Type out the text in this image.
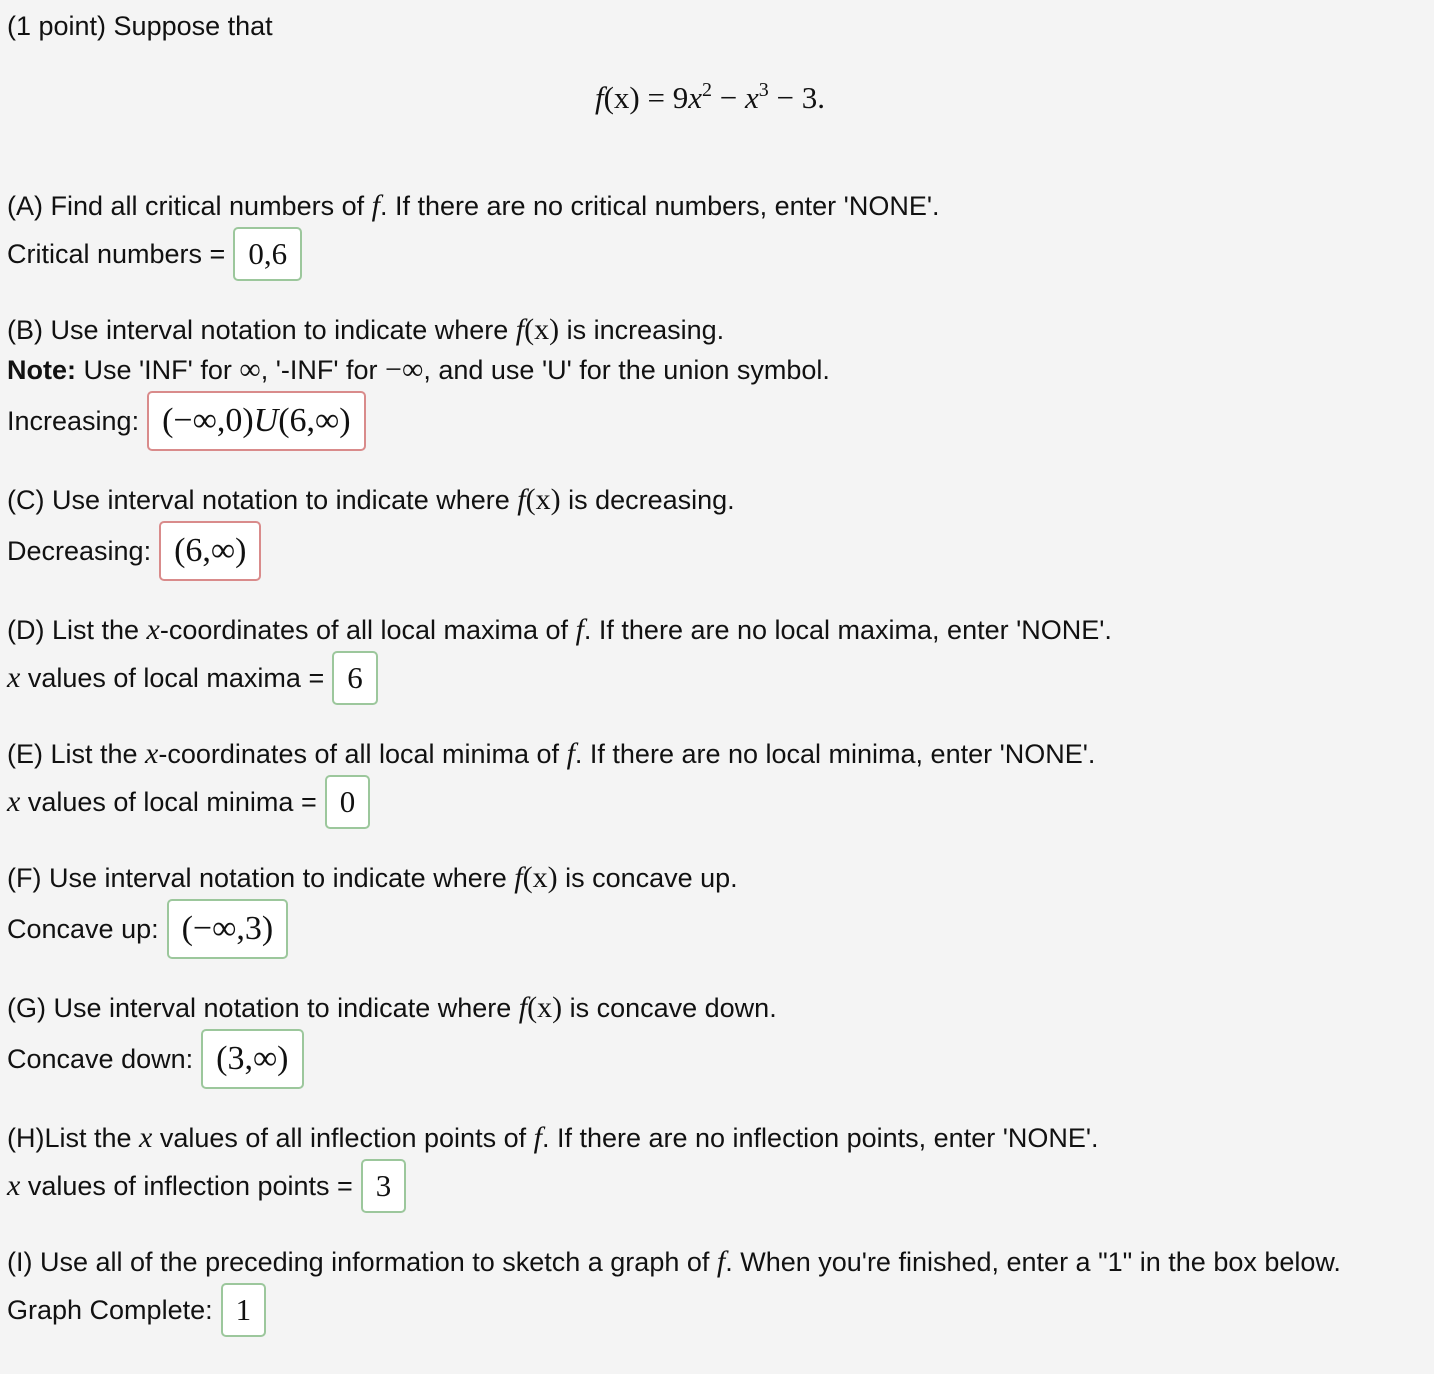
(1 point) Suppose that
$f(x) = 9x^2 - x^3 - 3$.
(A) Find all critical numbers of f. If there are no critical numbers, enter 'NONE'.
Critical numbers = 0,6
(B) Use interval notation to indicate where f(x) is increasing.
Note: Use 'INF' for ∞, '-INF' for −∞, and use 'U' for the union symbol.
Increasing: (−∞,0)U(6,∞)
(C) Use interval notation to indicate where f(x) is decreasing.
Decreasing: (6,∞)
(D) List the x-coordinates of all local maxima of f. If there are no local maxima, enter 'NONE'.
x values of local maxima = 6
(E) List the x-coordinates of all local minima of f. If there are no local minima, enter 'NONE'.
x values of local minima = 0
(F) Use interval notation to indicate where f(x) is concave up.
Concave up: (−∞,3)
(G) Use interval notation to indicate where f(x) is concave down.
Concave down: (3,∞)
(H)List the x values of all inflection points of f. If there are no inflection points, enter 'NONE'.
x values of inflection points = 3
(I) Use all of the preceding information to sketch a graph of f. When you're finished, enter a "1" in the box below.
Graph Complete: 1
